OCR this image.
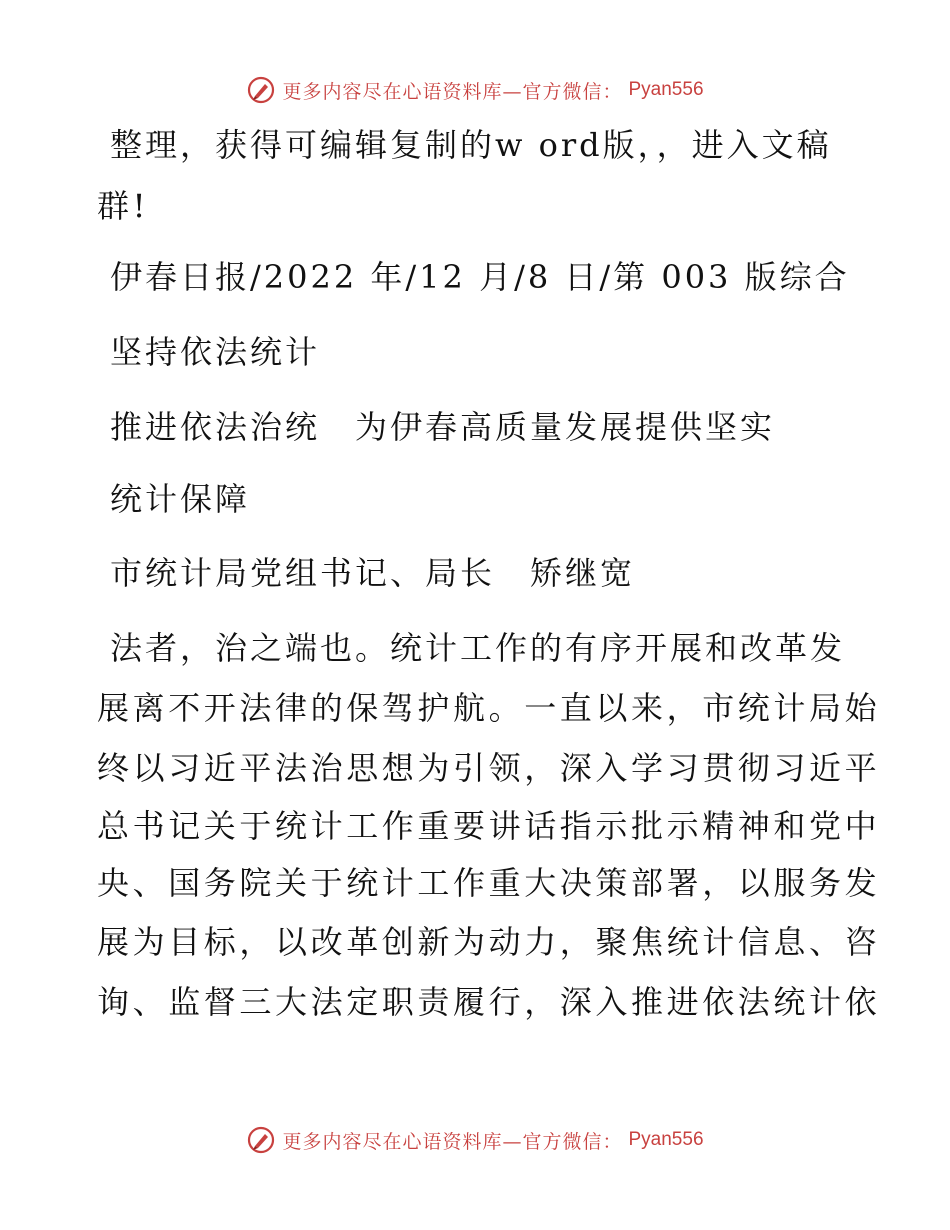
更多内容尽在心语资料库—官方微信： Pyan556
整理，获得可编辑复制的w ord版，，进入文稿
群!
伊春日报/2022 年/12 月/8 日/第 003 版综合
坚持依法统计
推进依法治统　为伊春高质量发展提供坚实
统计保障
市统计局党组书记、局长　矫继宽
法者，治之端也。统计工作的有序开展和改革发
展离不开法律的保驾护航。一直以来，市统计局始
终以习近平法治思想为引领，深入学习贯彻习近平
总书记关于统计工作重要讲话指示批示精神和党中
央、国务院关于统计工作重大决策部署，以服务发
展为目标，以改革创新为动力，聚焦统计信息、咨
询、监督三大法定职责履行，深入推进依法统计依
更多内容尽在心语资料库—官方微信： Pyan556
